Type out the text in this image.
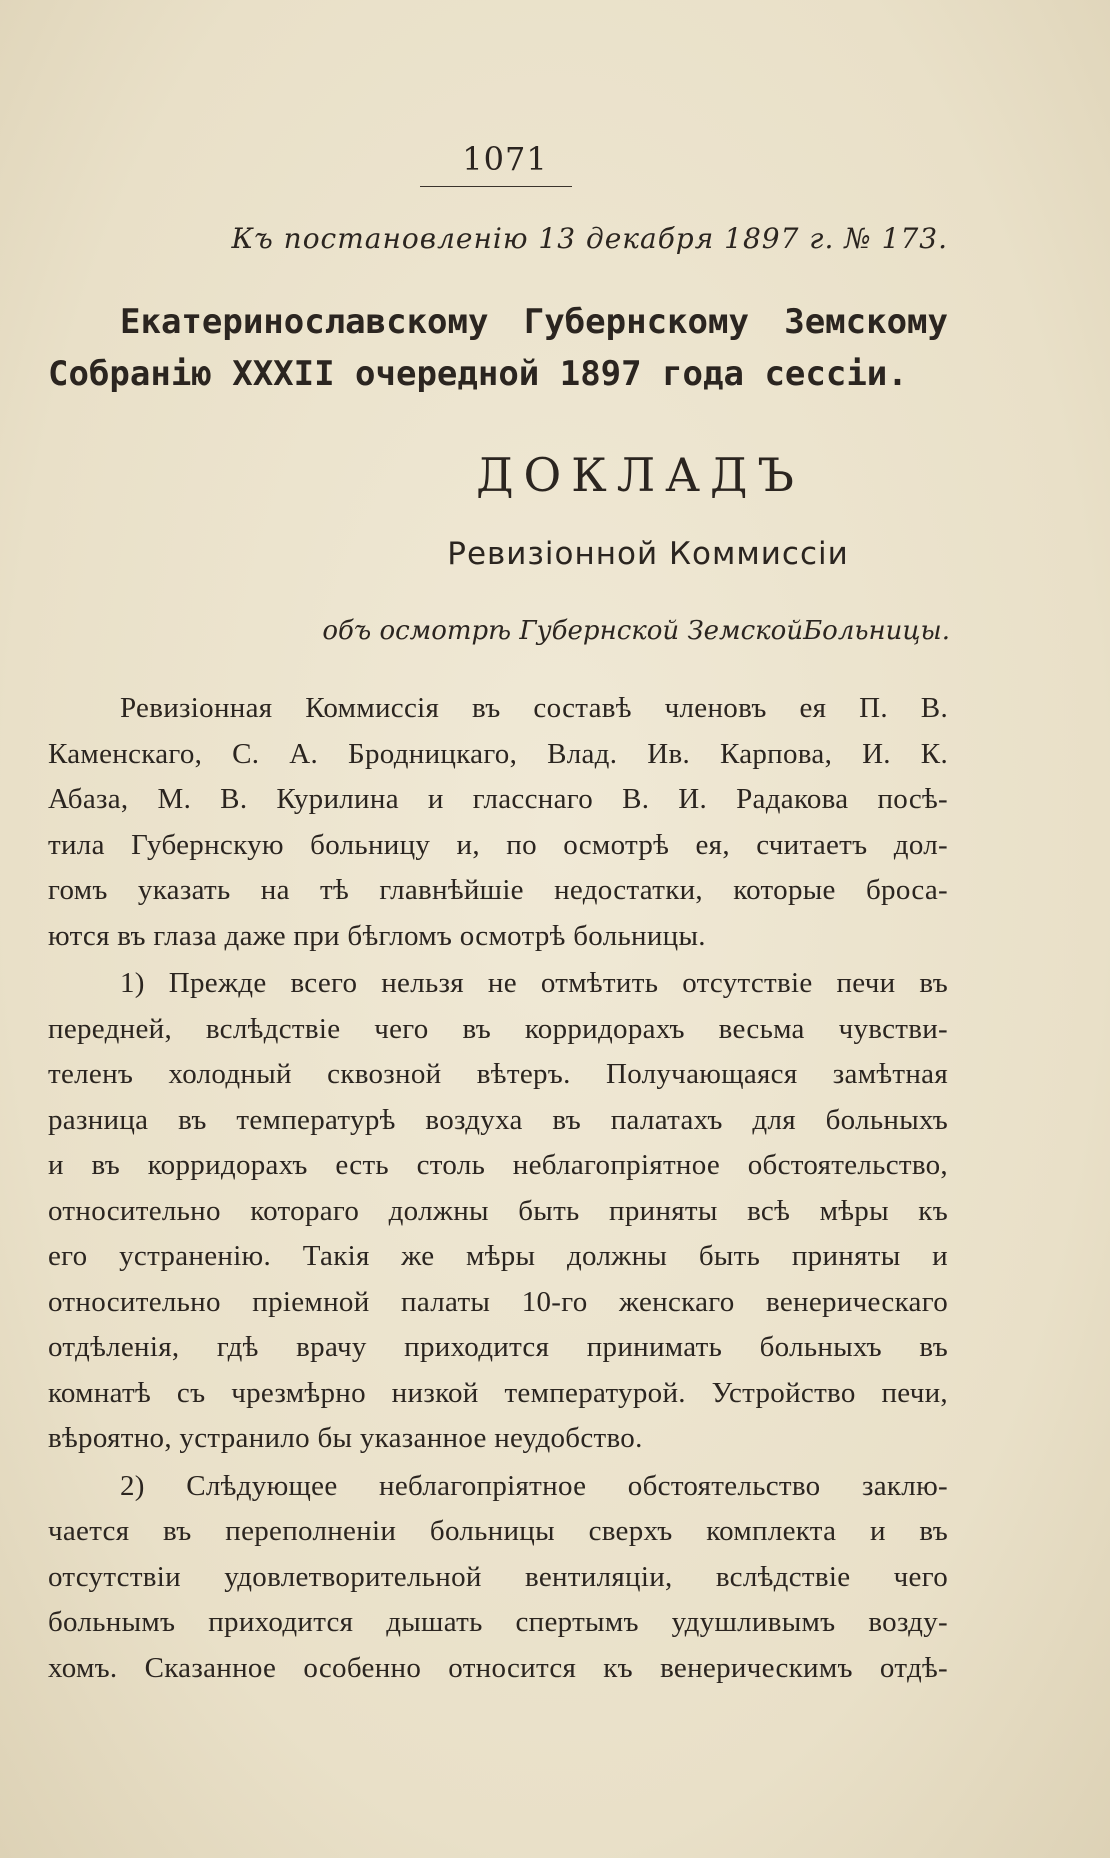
1071
Къ постановленію 13 декабря 1897 г. № 173.
Екатеринославскому Губернскому Земскому
Собранію XXXII очередной 1897 года сессіи.
ДОКЛАДЪ
Ревизіонной Коммиссіи
объ осмотрѣ Губернской ЗемскойБольницы.
Ревизіонная Коммиссія въ составѣ членовъ ея П. В.
Каменскаго, С. А. Бродницкаго, Влад. Ив. Карпова, И. К.
Абаза, М. В. Курилина и гласснаго В. И. Радакова посѣ-
тила Губернскую больницу и, по осмотрѣ ея, считаетъ дол-
гомъ указать на тѣ главнѣйшіе недостатки, которые броса-
ются въ глаза даже при бѣгломъ осмотрѣ больницы.
1) Прежде всего нельзя не отмѣтить отсутствіе печи въ
передней, вслѣдствіе чего въ корридорахъ весьма чувстви-
теленъ холодный сквозной вѣтеръ. Получающаяся замѣтная
разница въ температурѣ воздуха въ палатахъ для больныхъ
и въ корридорахъ есть столь неблагопріятное обстоятельство,
относительно котораго должны быть приняты всѣ мѣры къ
его устраненію. Такія же мѣры должны быть приняты и
относительно пріемной палаты 10-го женскаго венерическаго
отдѣленія, гдѣ врачу приходится принимать больныхъ въ
комнатѣ съ чрезмѣрно низкой температурой. Устройство печи,
вѣроятно, устранило бы указанное неудобство.
2) Слѣдующее неблагопріятное обстоятельство заклю-
чается въ переполненіи больницы сверхъ комплекта и въ
отсутствіи удовлетворительной вентиляціи, вслѣдствіе чего
больнымъ приходится дышать спертымъ удушливымъ возду-
хомъ. Сказанное особенно относится къ венерическимъ отдѣ-
